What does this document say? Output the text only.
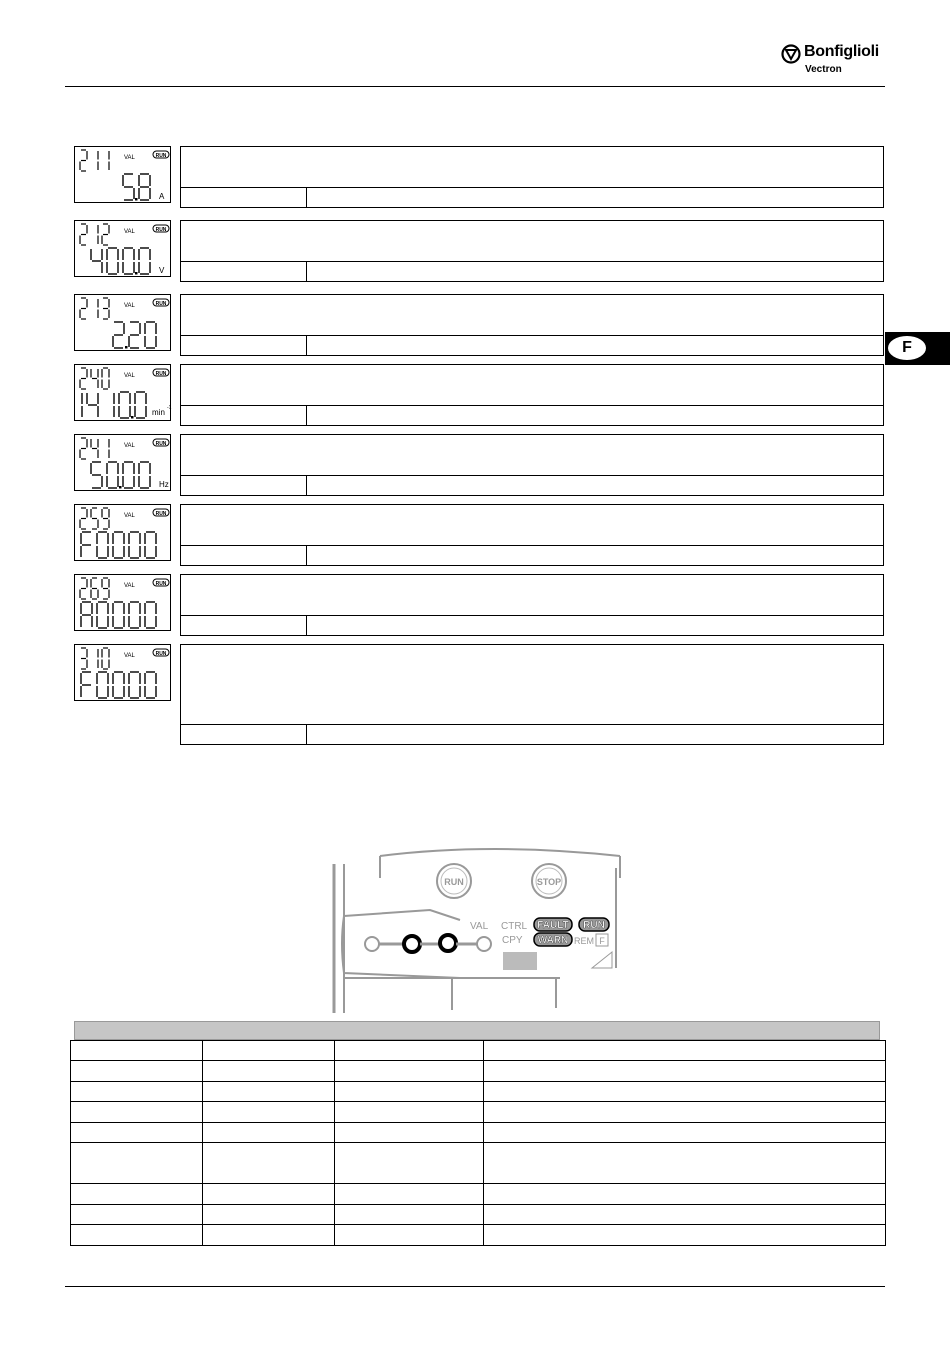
Bonfiglioli
Vectron
F
VAL	RUN
A
VAL	RUN
V
VAL	RUN
VAL	RUN
min -1
VAL	RUN
Hz
VAL	RUN
VAL	RUN
VAL	RUN
RUN	STOP
VAL CTRL FAULT RUN
CPY WARN REM F
